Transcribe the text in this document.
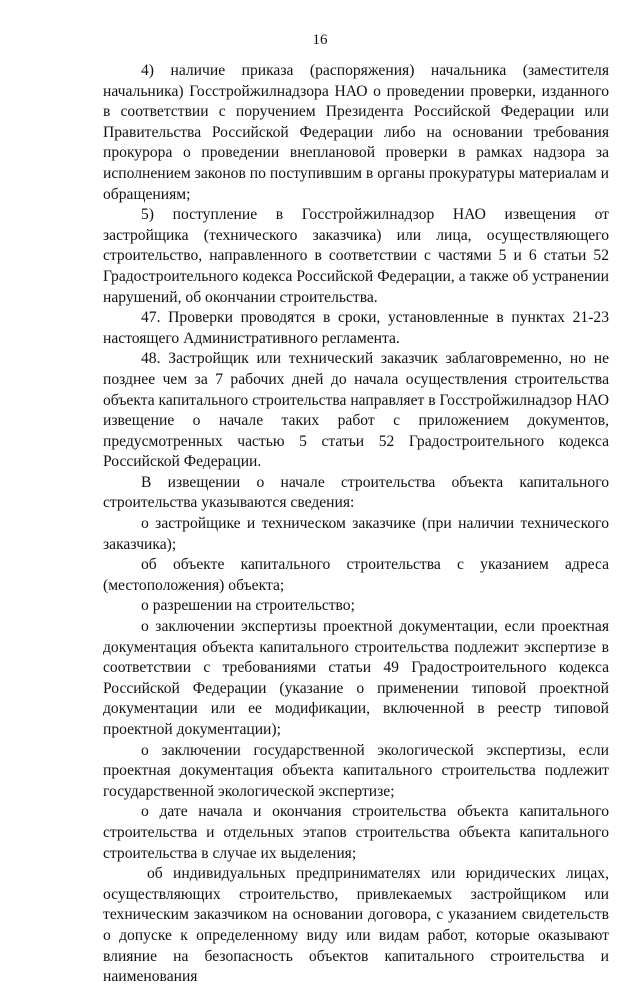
16

4) наличие приказа (распоряжения) начальника (заместителя начальника) Госстройжилнадзора НАО о проведении проверки, изданного в соответствии с поручением Президента Российской Федерации или Правительства Российской Федерации либо на основании требования прокурора о проведении внеплановой проверки в рамках надзора за исполнением законов по поступившим в органы прокуратуры материалам и обращениям;

5) поступление в Госстройжилнадзор НАО извещения от застройщика (технического заказчика) или лица, осуществляющего строительство, направленного в соответствии с частями 5 и 6 статьи 52 Градостроительного кодекса Российской Федерации, а также об устранении нарушений, об окончании строительства.

47. Проверки проводятся в сроки, установленные в пунктах 21-23 настоящего Административного регламента.

48. Застройщик или технический заказчик заблаговременно, но не позднее чем за 7 рабочих дней до начала осуществления строительства объекта капитального строительства направляет в Госстройжилнадзор НАО извещение о начале таких работ с приложением документов, предусмотренных частью 5 статьи 52 Градостроительного кодекса Российской Федерации.

В извещении о начале строительства объекта капитального строительства указываются сведения:

о застройщике и техническом заказчике (при наличии технического заказчика);

об объекте капитального строительства с указанием адреса (местоположения) объекта;

о разрешении на строительство;

о заключении экспертизы проектной документации, если проектная документация объекта капитального строительства подлежит экспертизе в соответствии с требованиями статьи 49 Градостроительного кодекса Российской Федерации (указание о применении типовой проектной документации или ее модификации, включенной в реестр типовой проектной документации);

о заключении государственной экологической экспертизы, если проектная документация объекта капитального строительства подлежит государственной экологической экспертизе;

о дате начала и окончания строительства объекта капитального строительства и отдельных этапов строительства объекта капитального строительства в случае их выделения;

об индивидуальных предпринимателях или юридических лицах, осуществляющих строительство, привлекаемых застройщиком или техническим заказчиком на основании договора, с указанием свидетельств о допуске к определенному виду или видам работ, которые оказывают влияние на безопасность объектов капитального строительства и наименования
